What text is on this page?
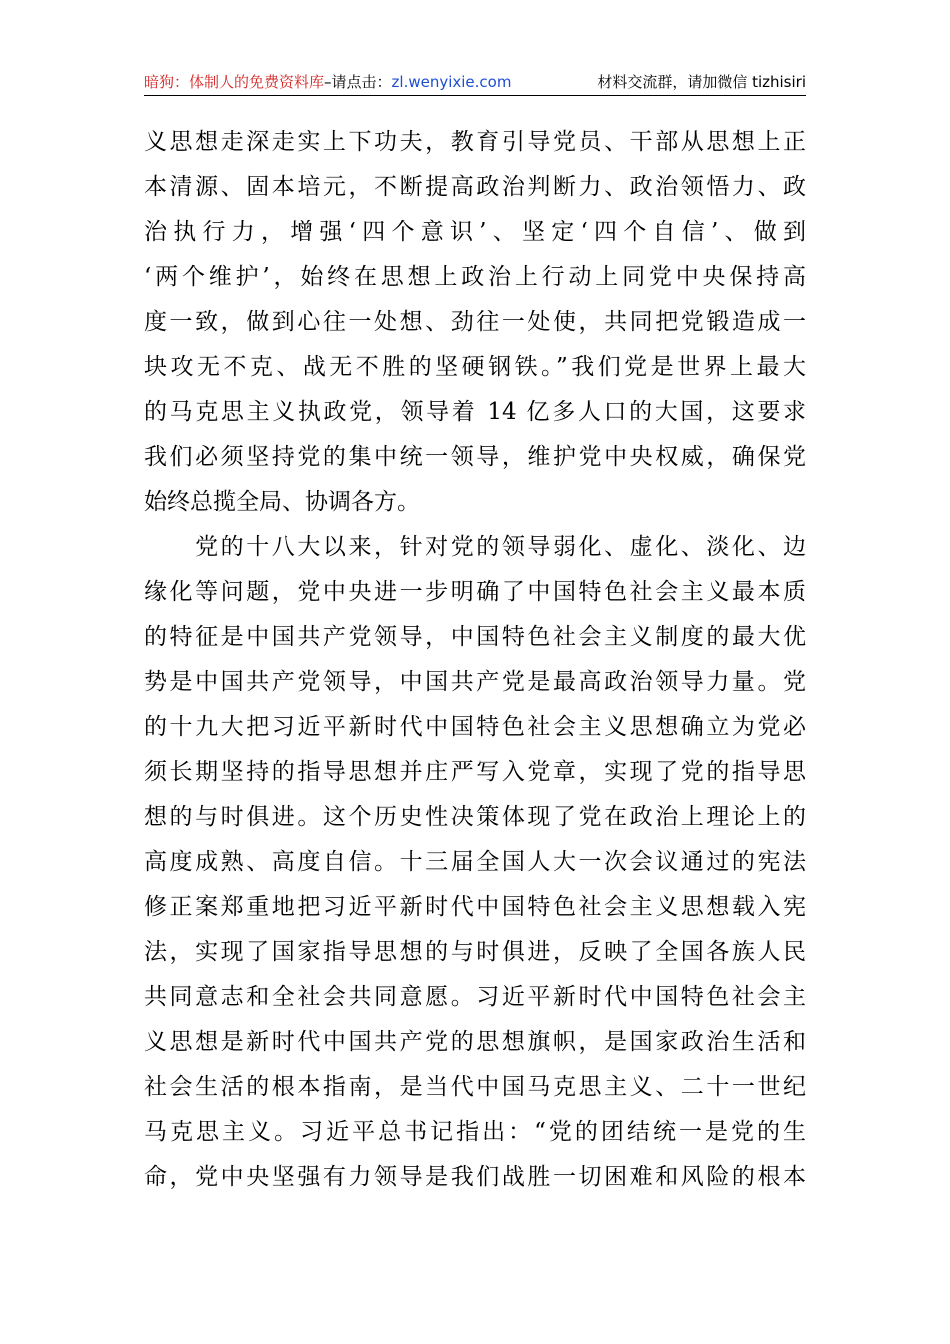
暗狗：体制人的免费资料库–请点击：zl.wenyixie.com	材料交流群，请加微信 tizhisiri
义思想走深走实上下功夫，教育引导党员、干部从思想上正
本清源、固本培元，不断提高政治判断力、政治领悟力、政
治执行力，增强‘四个意识’、坚定‘四个自信’、做到
‘两个维护’，始终在思想上政治上行动上同党中央保持高
度一致，做到心往一处想、劲往一处使，共同把党锻造成一
块攻无不克、战无不胜的坚硬钢铁。”我们党是世界上最大
的马克思主义执政党，领导着 14 亿多人口的大国，这要求
我们必须坚持党的集中统一领导，维护党中央权威，确保党
始终总揽全局、协调各方。
　　党的十八大以来，针对党的领导弱化、虚化、淡化、边
缘化等问题，党中央进一步明确了中国特色社会主义最本质
的特征是中国共产党领导，中国特色社会主义制度的最大优
势是中国共产党领导，中国共产党是最高政治领导力量。党
的十九大把习近平新时代中国特色社会主义思想确立为党必
须长期坚持的指导思想并庄严写入党章，实现了党的指导思
想的与时俱进。这个历史性决策体现了党在政治上理论上的
高度成熟、高度自信。十三届全国人大一次会议通过的宪法
修正案郑重地把习近平新时代中国特色社会主义思想载入宪
法，实现了国家指导思想的与时俱进，反映了全国各族人民
共同意志和全社会共同意愿。习近平新时代中国特色社会主
义思想是新时代中国共产党的思想旗帜，是国家政治生活和
社会生活的根本指南，是当代中国马克思主义、二十一世纪
马克思主义。习近平总书记指出：“党的团结统一是党的生
命，党中央坚强有力领导是我们战胜一切困难和风险的根本
